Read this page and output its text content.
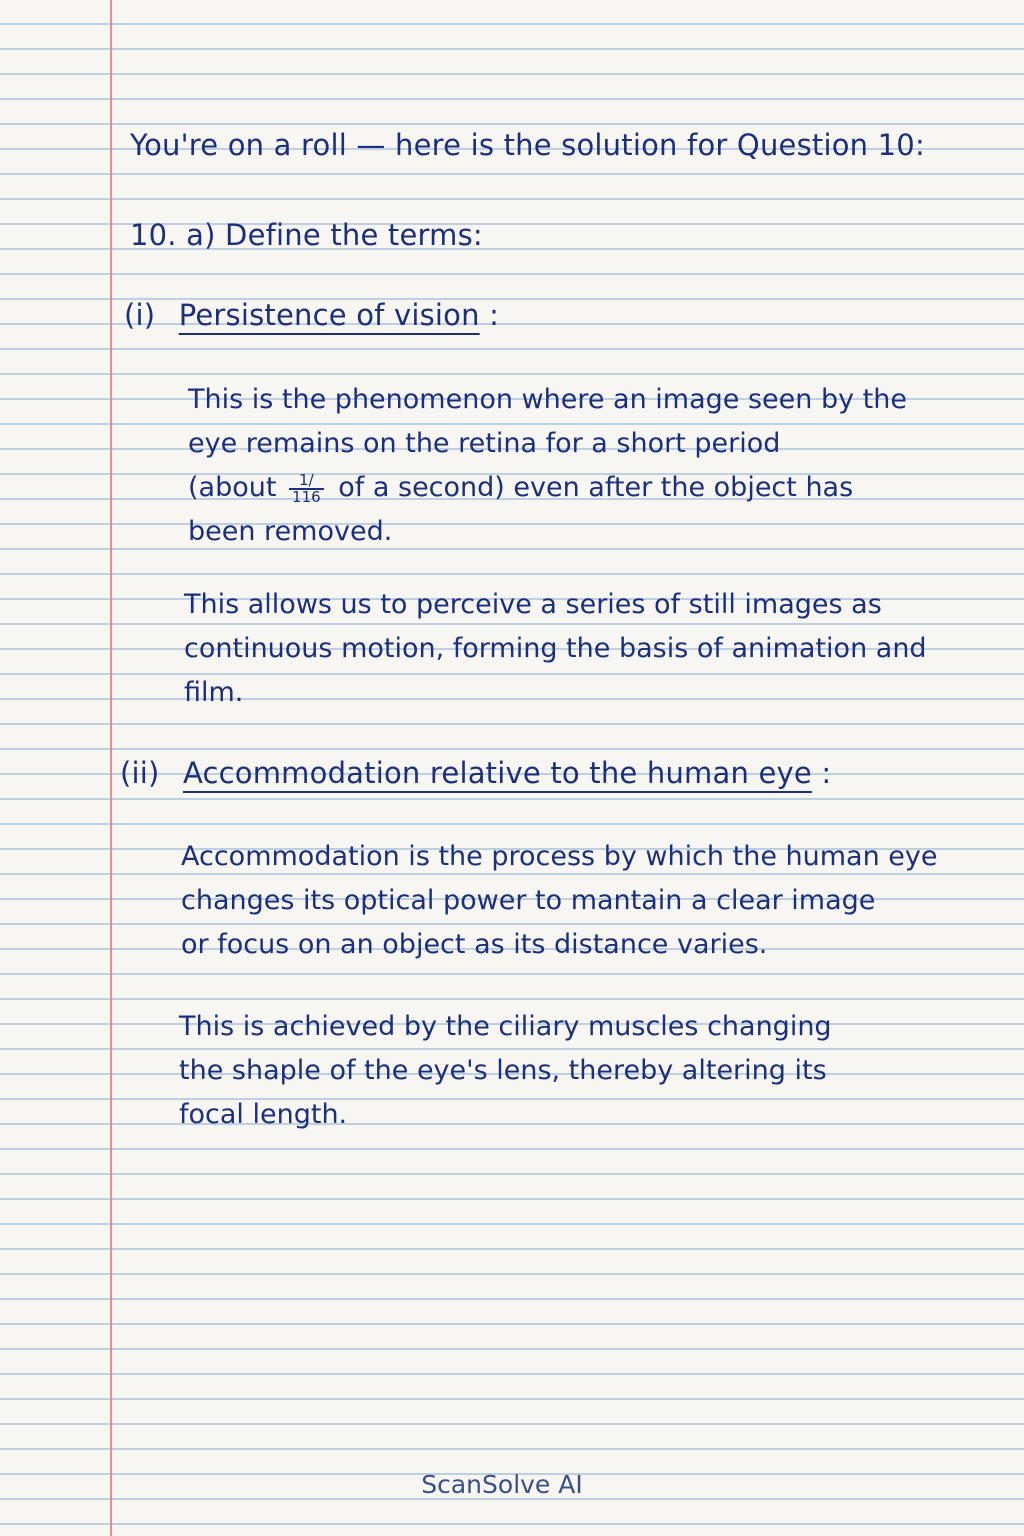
You're on a roll — here is the solution for Question 10:
10. a) Define the terms:
(i) Persistence of vision :
This is the phenomenon where an image seen by the
eye remains on the retina for a short period
(about $\frac{1/}{116}$ of a second) even after the object has
been removed.
This allows us to perceive a series of still images as
continuous motion, forming the basis of animation and
film.
(ii) Accommodation relative to the human eye :
Accommodation is the process by which the human eye
changes its optical power to mantain a clear image
or focus on an object as its distance varies.
This is achieved by the ciliary muscles changing
the shaple of the eye's lens, thereby altering its
focal length.
ScanSolve AI
